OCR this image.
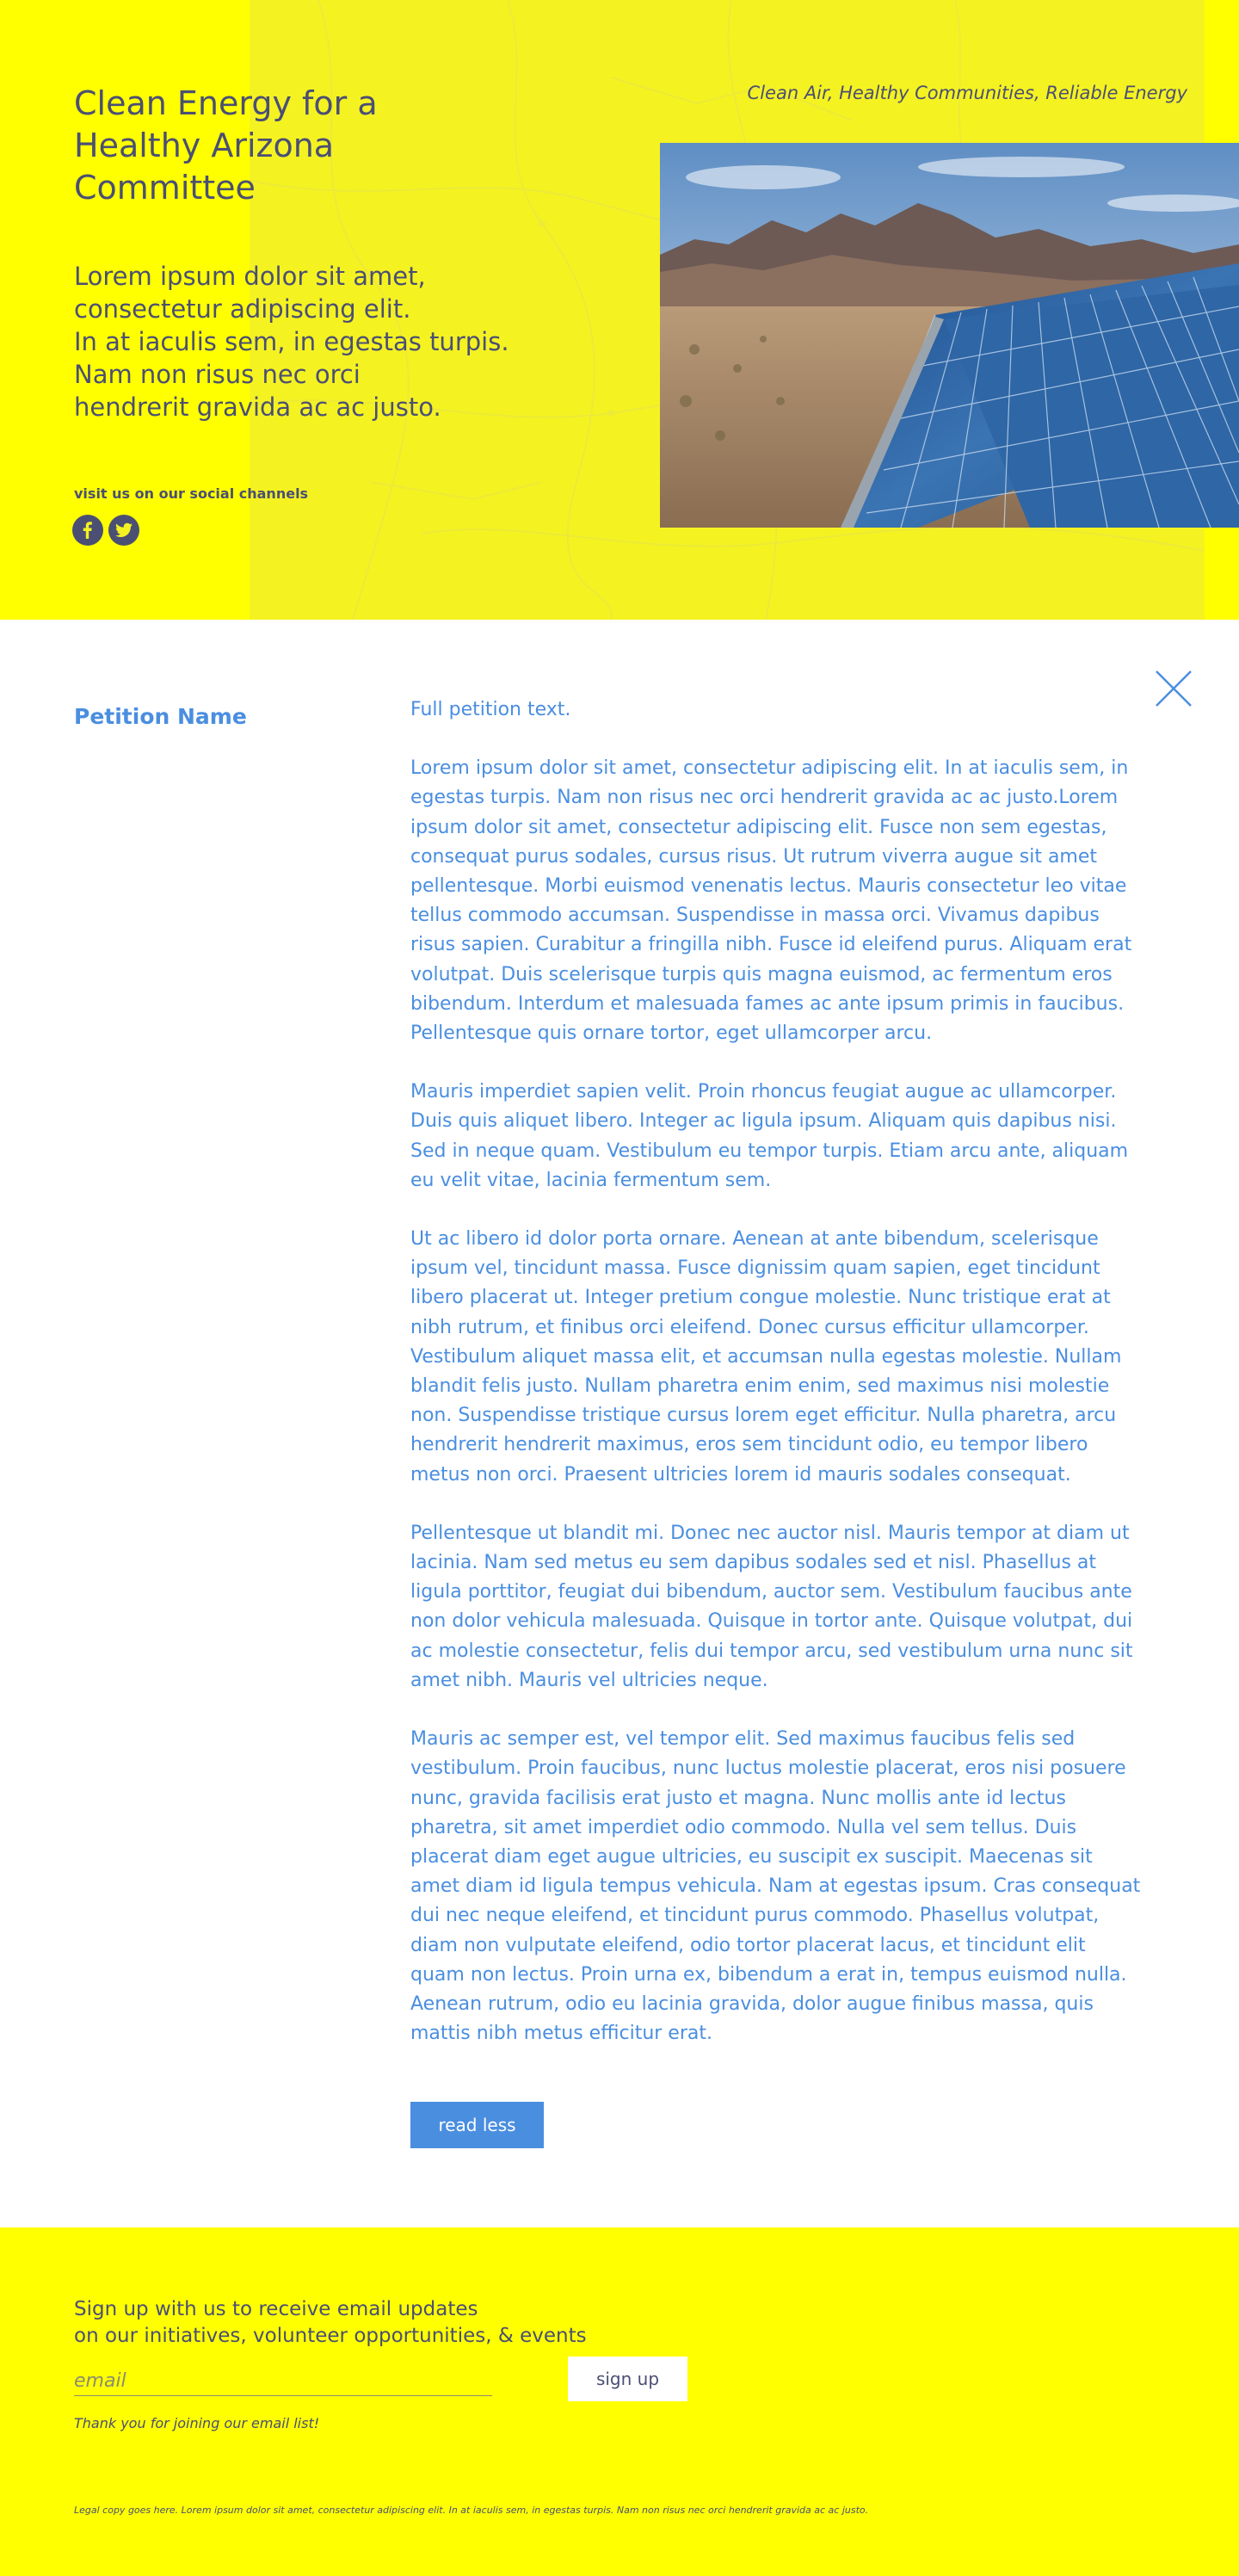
Clean Energy for a Healthy Arizona Committee
Clean Air, Healthy Communities, Reliable Energy
Lorem ipsum dolor sit amet,
consectetur adipiscing elit.
In at iaculis sem, in egestas turpis.
Nam non risus nec orci
hendrerit gravida ac ac justo.
visit us on our social channels
Petition Name	Full petition text.

Lorem ipsum dolor sit amet, consectetur adipiscing elit. In at iaculis sem, in egestas turpis. Nam non risus nec orci hendrerit gravida ac ac justo.Lorem ipsum dolor sit amet, consectetur adipiscing elit. Fusce non sem egestas, consequat purus sodales, cursus risus. Ut rutrum viverra augue sit amet pellentesque. Morbi euismod venenatis lectus. Mauris consectetur leo vitae tellus commodo accumsan. Suspendisse in massa orci. Vivamus dapibus risus sapien. Curabitur a fringilla nibh. Fusce id eleifend purus. Aliquam erat volutpat. Duis scelerisque turpis quis magna euismod, ac fermentum eros bibendum. Interdum et malesuada fames ac ante ipsum primis in faucibus. Pellentesque quis ornare tortor, eget ullamcorper arcu.

Mauris imperdiet sapien velit. Proin rhoncus feugiat augue ac ullamcorper. Duis quis aliquet libero. Integer ac ligula ipsum. Aliquam quis dapibus nisi. Sed in neque quam. Vestibulum eu tempor turpis. Etiam arcu ante, aliquam eu velit vitae, lacinia fermentum sem.

Ut ac libero id dolor porta ornare. Aenean at ante bibendum, scelerisque ipsum vel, tincidunt massa. Fusce dignissim quam sapien, eget tincidunt libero placerat ut. Integer pretium congue molestie. Nunc tristique erat at nibh rutrum, et finibus orci eleifend. Donec cursus efficitur ullamcorper. Vestibulum aliquet massa elit, et accumsan nulla egestas molestie. Nullam blandit felis justo. Nullam pharetra enim enim, sed maximus nisi molestie non. Suspendisse tristique cursus lorem eget efficitur. Nulla pharetra, arcu hendrerit hendrerit maximus, eros sem tincidunt odio, eu tempor libero metus non orci. Praesent ultricies lorem id mauris sodales consequat.

Pellentesque ut blandit mi. Donec nec auctor nisl. Mauris tempor at diam ut lacinia. Nam sed metus eu sem dapibus sodales sed et nisl. Phasellus at ligula porttitor, feugiat dui bibendum, auctor sem. Vestibulum faucibus ante non dolor vehicula malesuada. Quisque in tortor ante. Quisque volutpat, dui ac molestie consectetur, felis dui tempor arcu, sed vestibulum urna nunc sit amet nibh. Mauris vel ultricies neque.

Mauris ac semper est, vel tempor elit. Sed maximus faucibus felis sed vestibulum. Proin faucibus, nunc luctus molestie placerat, eros nisi posuere nunc, gravida facilisis erat justo et magna. Nunc mollis ante id lectus pharetra, sit amet imperdiet odio commodo. Nulla vel sem tellus. Duis placerat diam eget augue ultricies, eu suscipit ex suscipit. Maecenas sit amet diam id ligula tempus vehicula. Nam at egestas ipsum. Cras consequat dui nec neque eleifend, et tincidunt purus commodo. Phasellus volutpat, diam non vulputate eleifend, odio tortor placerat lacus, et tincidunt elit quam non lectus. Proin urna ex, bibendum a erat in, tempus euismod nulla. Aenean rutrum, odio eu lacinia gravida, dolor augue finibus massa, quis mattis nibh metus efficitur erat.

read less
Sign up with us to receive email updates
on our initiatives, volunteer opportunities, & events
email
sign up
Thank you for joining our email list!
Legal copy goes here. Lorem ipsum dolor sit amet, consectetur adipiscing elit. In at iaculis sem, in egestas turpis. Nam non risus nec orci hendrerit gravida ac ac justo.
